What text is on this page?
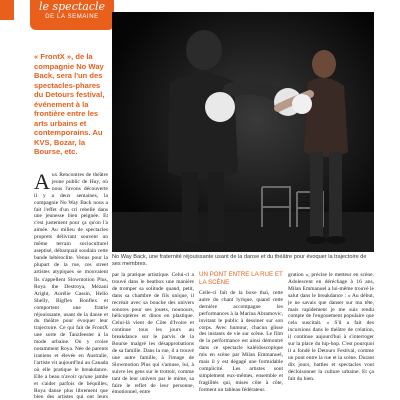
le spectacle
DE LA SEMAINE
No Way Back, une fraternité réjouissante usant de la danse et du théâtre pour évoquer la trajectoire de ses membres.
« FrontX », de la compagnie No Way Back, sera l'un des spectacles-phares du Detours festival, événement à la frontière entre les arts urbains et contemporains. Au KVS, Bozar, la Bourse, etc.
A ux Rencontres de théâtre jeune public de Huy, où nous l'avons découverte il y a deux semaines, la compagnie No Way Back nous a fait l'effet d'un cri rebelle dans une jeunesse bien peignée. Et c'est justement pour ça qu'on l'a aimée. Au milieu de spectacles proprets délivrant souvent un même terrain socioculturel aseptisé, débarquait soudain cette bande hétéroclite. Venus pour la plupart de la rue, ces street artistes atypiques se mouvaient
Ils s'appellent Slowmotion Plus, Roya the Destroya, Mézanì Aright, Aurélie Cassin, Hello Shelly, Bigflex Bonflex et comportent une fratrie réjouissante, usant de la danse et du théâtre pour évoquer leur trajectoire. Ce qui fait de FrontX une sorte de Tanzfeester à la mode urbaine. On y croise notamment Roya. Née de parents iraniens et élevée en Australie, l'artiste vit aujourd'hui au Canada où elle pratique le breakdance. Elle a beau n'avoir qu'une jambe et s'aider parfois de béquilles, Roya danse plus librement que bien des artistes qui ont leurs
par la pratique artistique. Celui-ci a trouvé dans le beatbox une manière de tromper sa solitude quand, petit, dans sa chambre de fils unique, il recréait avec sa bouche des univers sonores pour ses jouets, nounours, hélicoptères et dinos en plastique. Celui-là vient de Côte d'Ivoire et continue tous les jours au breakdance sur le parvis de la Bourse malgré les désapprobations de sa famille. Dans la rue, il a trouvé une autre famille, à l'image de Slowmotion Plus qui s'amuse, lui, à suivre les gens sur le trottoir, comme tant de leur univers par le mime, sa faire le reflet de leur personne, émotionnel, entre
UN PONT ENTRE LA RUE ET LA SCÈNE
Celle-ci fait de la boxe thaï, cette autre du chant lyrique, quand cette dernière accompagne les performances à la Marina Abramovic, invitant le public à dessiner sur son corps. Avec humour, chacun glisse des instants de vie sur scène. Le film de la performance est ainsi démontré dans ce spectacle kaléidoscopique mis en scène par Milan Emmanuel, mais il y est dégagé une formidable complicité. Les artistes sont simplement eux-mêmes, ensemble et fragilités qui, mises côte à côte, forment un tableau fédérateur.
gration », précise le metteur en scène. Adolescent en déréchage à 16 ans, Milan Emmanuel a lui-même trouvé le salut dans le breakdance : « Au début, je ne savais que danser sur ma tête, mais rapidement je me suis rendu compte de l'engouement populaire que cela suscitait. » S'il a fait des incursions dans le théâtre de création, il continue aujourd'hui à s'interroger sur la place du hip-hop. C'est pourquoi il a fondé le Detours Festival, comme un pont entre la rue et la scène. Durant dix jours, battles et spectacles vont décloisonner la culture urbaine. Et ça fait du bien.
